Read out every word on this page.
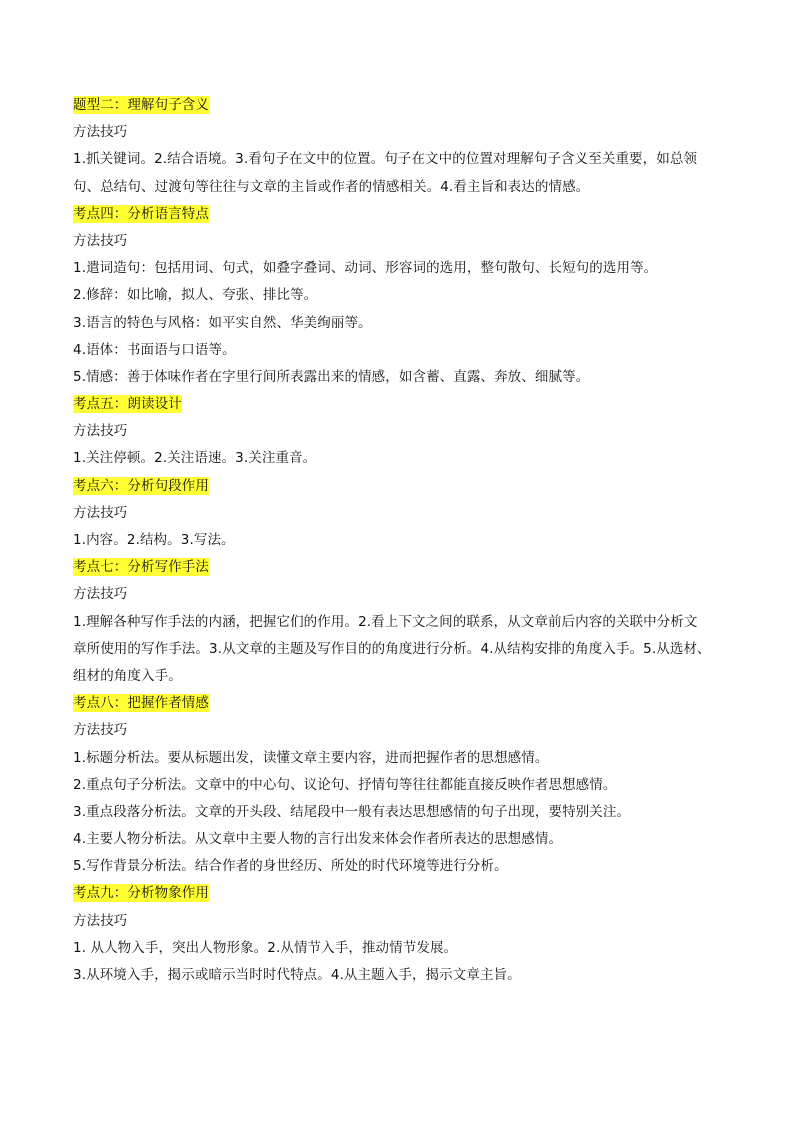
题型二：理解句子含义
方法技巧
1.抓关键词。2.结合语境。3.看句子在文中的位置。句子在文中的位置对理解句子含义至关重要，如总领
句、总结句、过渡句等往往与文章的主旨或作者的情感相关。4.看主旨和表达的情感。
考点四：分析语言特点
方法技巧
1.遣词造句：包括用词、句式，如叠字叠词、动词、形容词的选用，整句散句、长短句的选用等。
2.修辞：如比喻，拟人、夸张、排比等。
3.语言的特色与风格：如平实自然、华美绚丽等。
4.语体：书面语与口语等。
5.情感：善于体味作者在字里行间所表露出来的情感，如含蓄、直露、奔放、细腻等。
考点五：朗读设计
方法技巧
1.关注停顿。2.关注语速。3.关注重音。
考点六：分析句段作用
方法技巧
1.内容。2.结构。3.写法。
考点七：分析写作手法
方法技巧
1.理解各种写作手法的内涵，把握它们的作用。2.看上下文之间的联系，从文章前后内容的关联中分析文
章所使用的写作手法。3.从文章的主题及写作目的的角度进行分析。4.从结构安排的角度入手。5.从选材、
组材的角度入手。
考点八：把握作者情感
方法技巧
1.标题分析法。要从标题出发，读懂文章主要内容，进而把握作者的思想感情。
2.重点句子分析法。文章中的中心句、议论句、抒情句等往往都能直接反映作者思想感情。
3.重点段落分析法。文章的开头段、结尾段中一般有表达思想感情的句子出现，要特别关注。
4.主要人物分析法。从文章中主要人物的言行出发来体会作者所表达的思想感情。
5.写作背景分析法。结合作者的身世经历、所处的时代环境等进行分析。
考点九：分析物象作用
方法技巧
1. 从人物入手，突出人物形象。2.从情节入手，推动情节发展。
3.从环境入手，揭示或暗示当时时代特点。4.从主题入手，揭示文章主旨。
